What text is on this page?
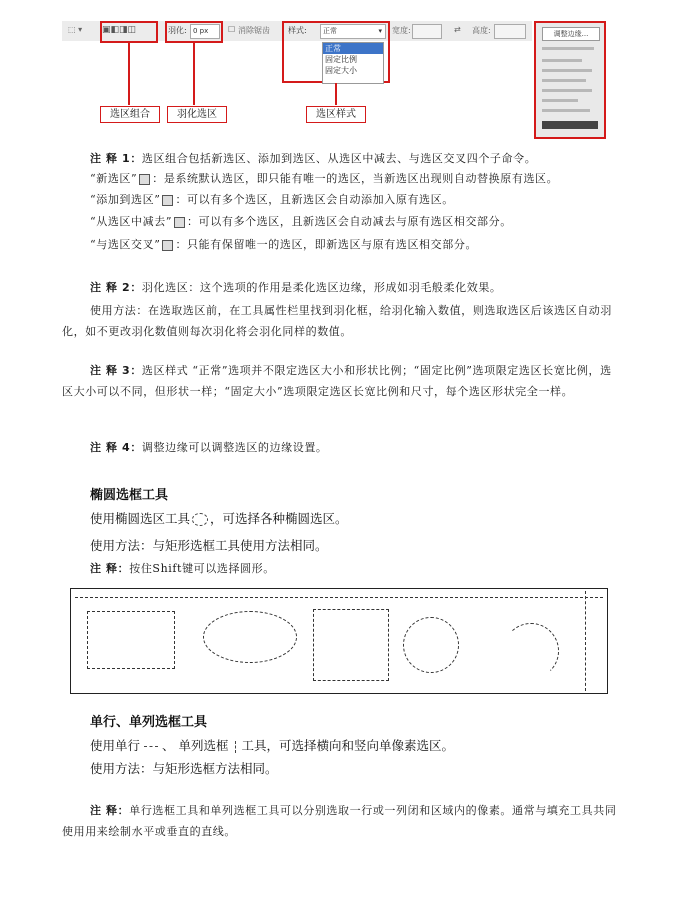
⬚ ▾ ▣◧◨◫	羽化: 0 px	☐ 消除锯齿 样式:	正常	▾ 宽度:	⇄ 高度:
正常
固定比例
固定大小
选区组合	羽化选区	选区样式
调整边缘...
注 释 1：选区组合包括新选区、添加到选区、从选区中减去、与选区交叉四个子命令。
“新选区” ：是系统默认选区，即只能有唯一的选区，当新选区出现则自动替换原有选区。
“添加到选区” ：可以有多个选区，且新选区会自动添加入原有选区。
“从选区中减去” ：可以有多个选区，且新选区会自动减去与原有选区相交部分。
“与选区交叉” ：只能有保留唯一的选区，即新选区与原有选区相交部分。
注 释 2：羽化选区：这个选项的作用是柔化选区边缘，形成如羽毛般柔化效果。
使用方法：在选取选区前，在工具属性栏里找到羽化框，给羽化输入数值，则选取选区后该选区自动羽化，如不更改羽化数值则每次羽化将会羽化同样的数值。
注 释 3：选区样式 “正常”选项并不限定选区大小和形状比例；“固定比例”选项限定选区长宽比例，选区大小可以不同，但形状一样；“固定大小”选项限定选区长宽比例和尺寸，每个选区形状完全一样。
注 释 4：调整边缘可以调整选区的边缘设置。
椭圆选框工具
使用椭圆选区工具 ，可选择各种椭圆选区。
使用方法：与矩形选框工具使用方法相同。
注 释：按住Shift键可以选择圆形。
单行、单列选框工具
使用单行 、 单列选框 工具，可选择横向和竖向单像素选区。
使用方法：与矩形选框方法相同。
注 释：单行选框工具和单列选框工具可以分别选取一行或一列闭和区域内的像素。通常与填充工具共同使用用来绘制水平或垂直的直线。
